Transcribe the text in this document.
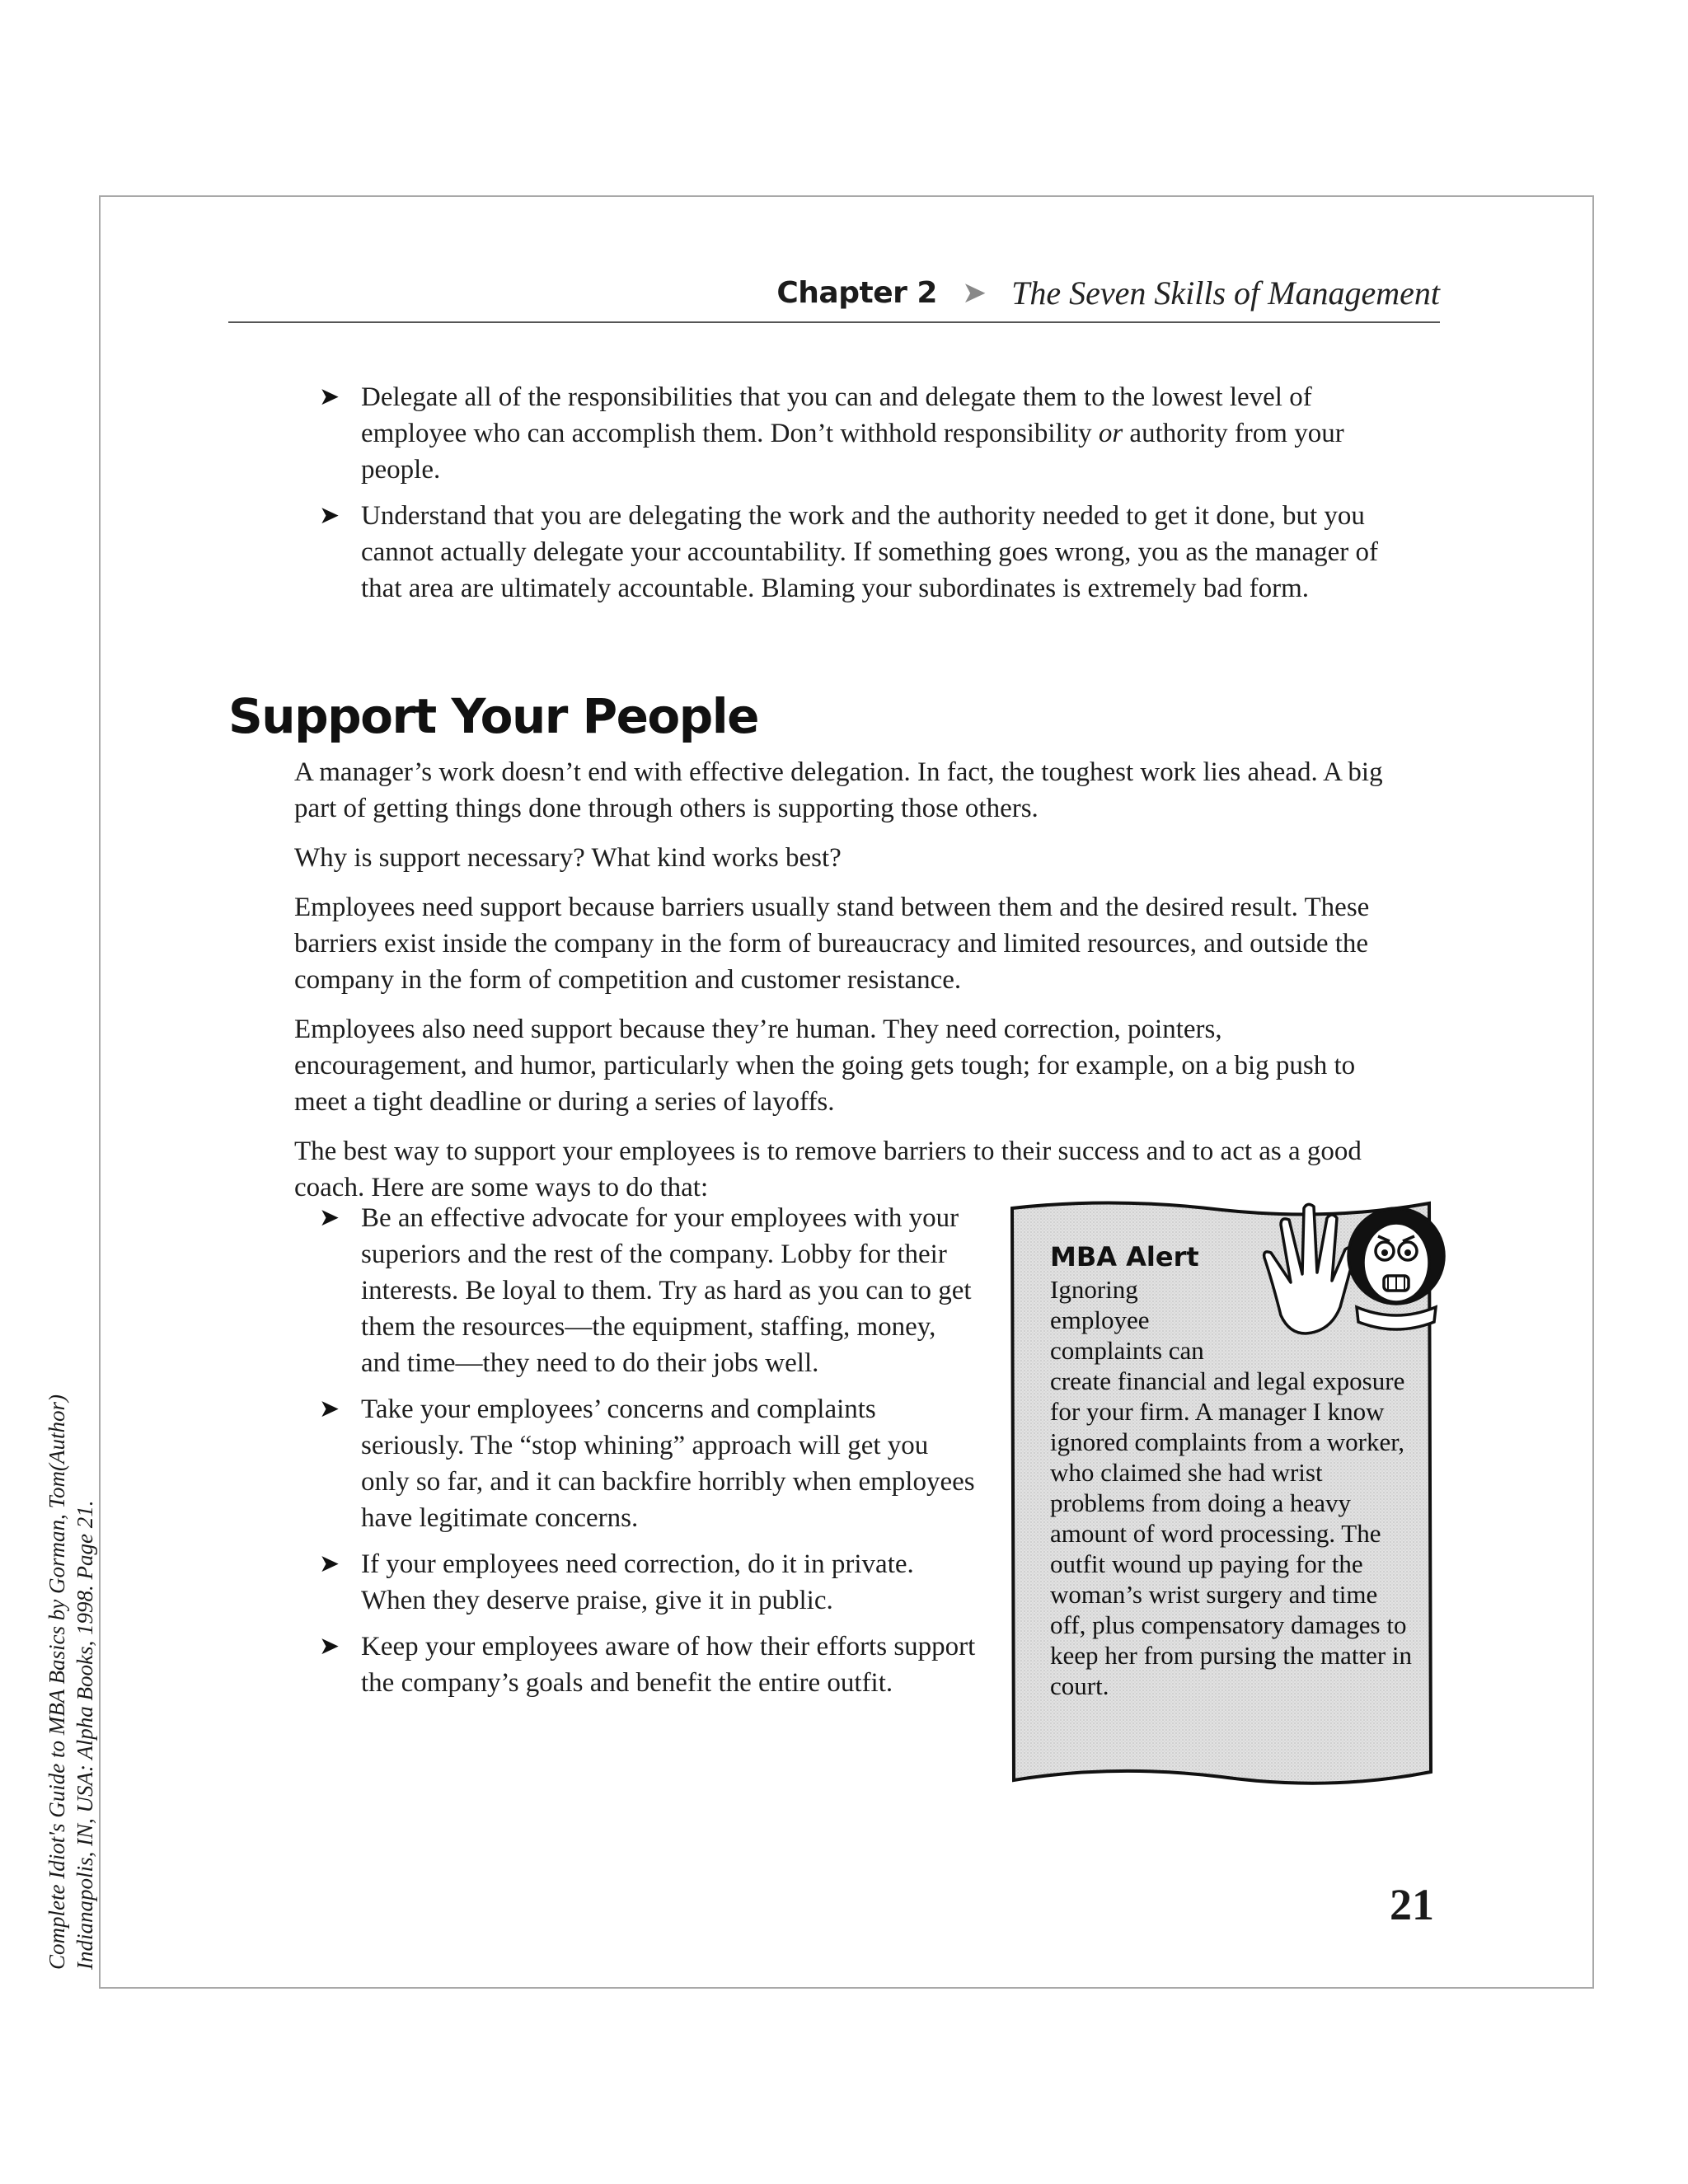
Chapter 2 ➤ The Seven Skills of Management
➤ Delegate all of the responsibilities that you can and delegate them to the lowest level of employee who can accomplish them. Don’t withhold responsibility or authority from your people.
➤ Understand that you are delegating the work and the authority needed to get it done, but you cannot actually delegate your accountability. If something goes wrong, you as the manager of that area are ultimately accountable. Blaming your subordinates is extremely bad form.
Support Your People

A manager’s work doesn’t end with effective delegation. In fact, the toughest work lies ahead. A big part of getting things done through others is supporting those others.

Why is support necessary? What kind works best?

Employees need support because barriers usually stand between them and the desired result. These barriers exist inside the company in the form of bureaucracy and limited resources, and outside the company in the form of competition and customer resistance.

Employees also need support because they’re human. They need correction, pointers, encouragement, and humor, particularly when the going gets tough; for example, on a big push to meet a tight deadline or during a series of layoffs.

The best way to support your employees is to remove barriers to their success and to act as a good coach. Here are some ways to do that:

➤ Be an effective advocate for your employees with your superiors and the rest of the company. Lobby for their interests. Be loyal to them. Try as hard as you can to get them the resources—the equipment, staffing, money, and time—they need to do their jobs well.
➤ Take your employees’ concerns and complaints seriously. The “stop whining” approach will get you only so far, and it can backfire horribly when employees have legitimate concerns.
➤ If your employees need correction, do it in private. When they deserve praise, give it in public.
➤ Keep your employees aware of how their efforts support the company’s goals and benefit the entire outfit.
MBA Alert
Ignoring employee complaints can create financial and legal exposure for your firm. A manager I know ignored complaints from a worker, who claimed she had wrist problems from doing a heavy amount of word processing. The outfit wound up paying for the woman’s wrist surgery and time off, plus compensatory damages to keep her from pursing the matter in court.
21
Complete Idiot's Guide to MBA Basics by Gorman, Tom(Author) Indianapolis, IN, USA: Alpha Books, 1998. Page 21.
